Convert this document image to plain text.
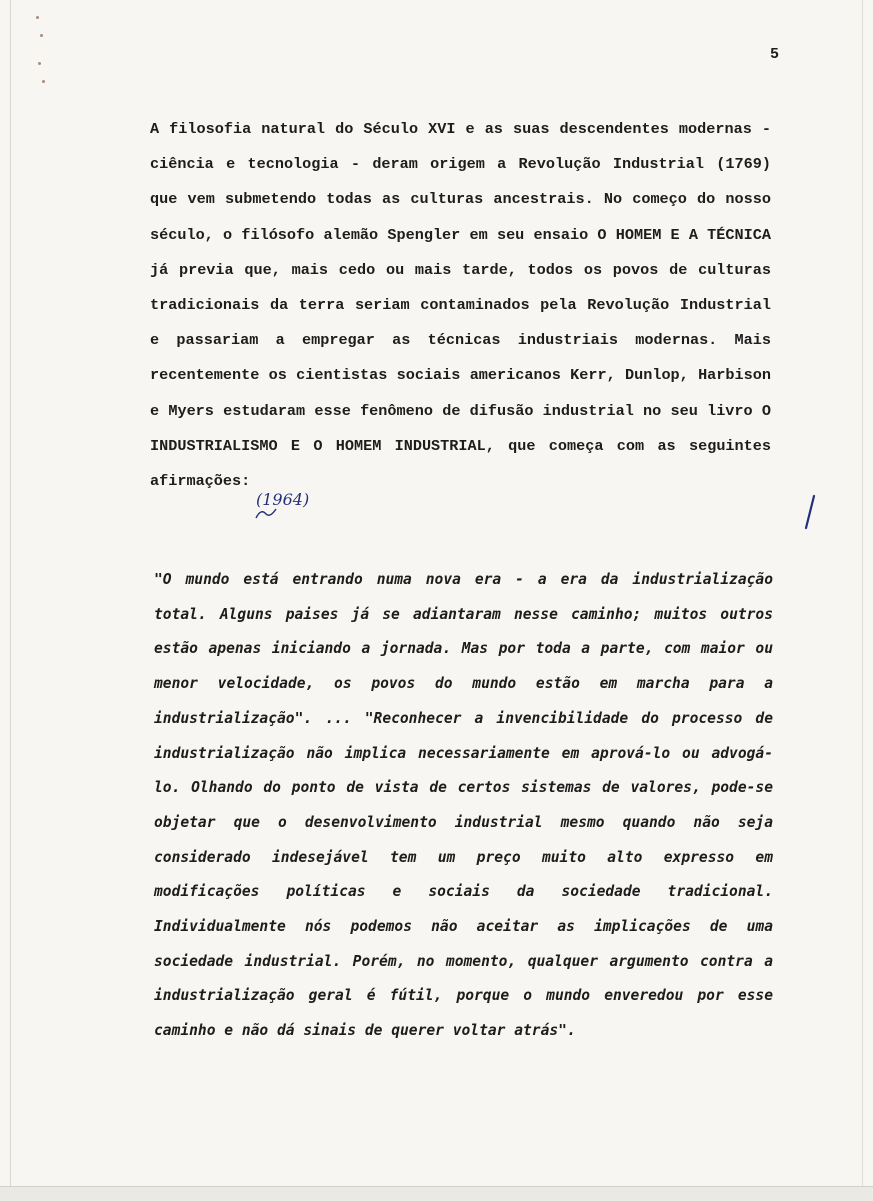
5

A filosofia natural do Século XVI e as suas descendentes modernas - ciência e tecnologia - deram origem a Revolução Industrial (1769) que vem submetendo todas as culturas ancestrais. No começo do nosso século, o filósofo alemão Spengler em seu ensaio O HOMEM E A TÉCNICA já previa que, mais cedo ou mais tarde, todos os povos de culturas tradicionais da terra seriam contaminados pela Revolução Industrial e passariam a empregar as técnicas industriais modernas. Mais recentemente os cientistas sociais americanos Kerr, Dunlop, Harbison e Myers estudaram esse fenômeno de difusão industrial no seu livro O INDUSTRIALISMO E O HOMEM INDUSTRIAL, que começa com as seguintes afirmações:

(1964)

"O mundo está entrando numa nova era - a era da industrialização total. Alguns paises já se adiantaram nesse caminho; muitos outros estão apenas iniciando a jornada. Mas por toda a parte, com maior ou menor velocidade, os povos do mundo estão em marcha para a industrialização". ... "Reconhecer a invencibilidade do processo de industrialização não implica necessariamente em aprová-lo ou advogá-lo. Olhando do ponto de vista de certos sistemas de valores, pode-se objetar que o desenvolvimento industrial mesmo quando não seja considerado indesejável tem um preço muito alto expresso em modificações políticas e sociais da sociedade tradicional. Individualmente nós podemos não aceitar as implicações de uma sociedade industrial. Porém, no momento, qualquer argumento contra a industrialização geral é fútil, porque o mundo enveredou por esse caminho e não dá sinais de querer voltar atrás".
